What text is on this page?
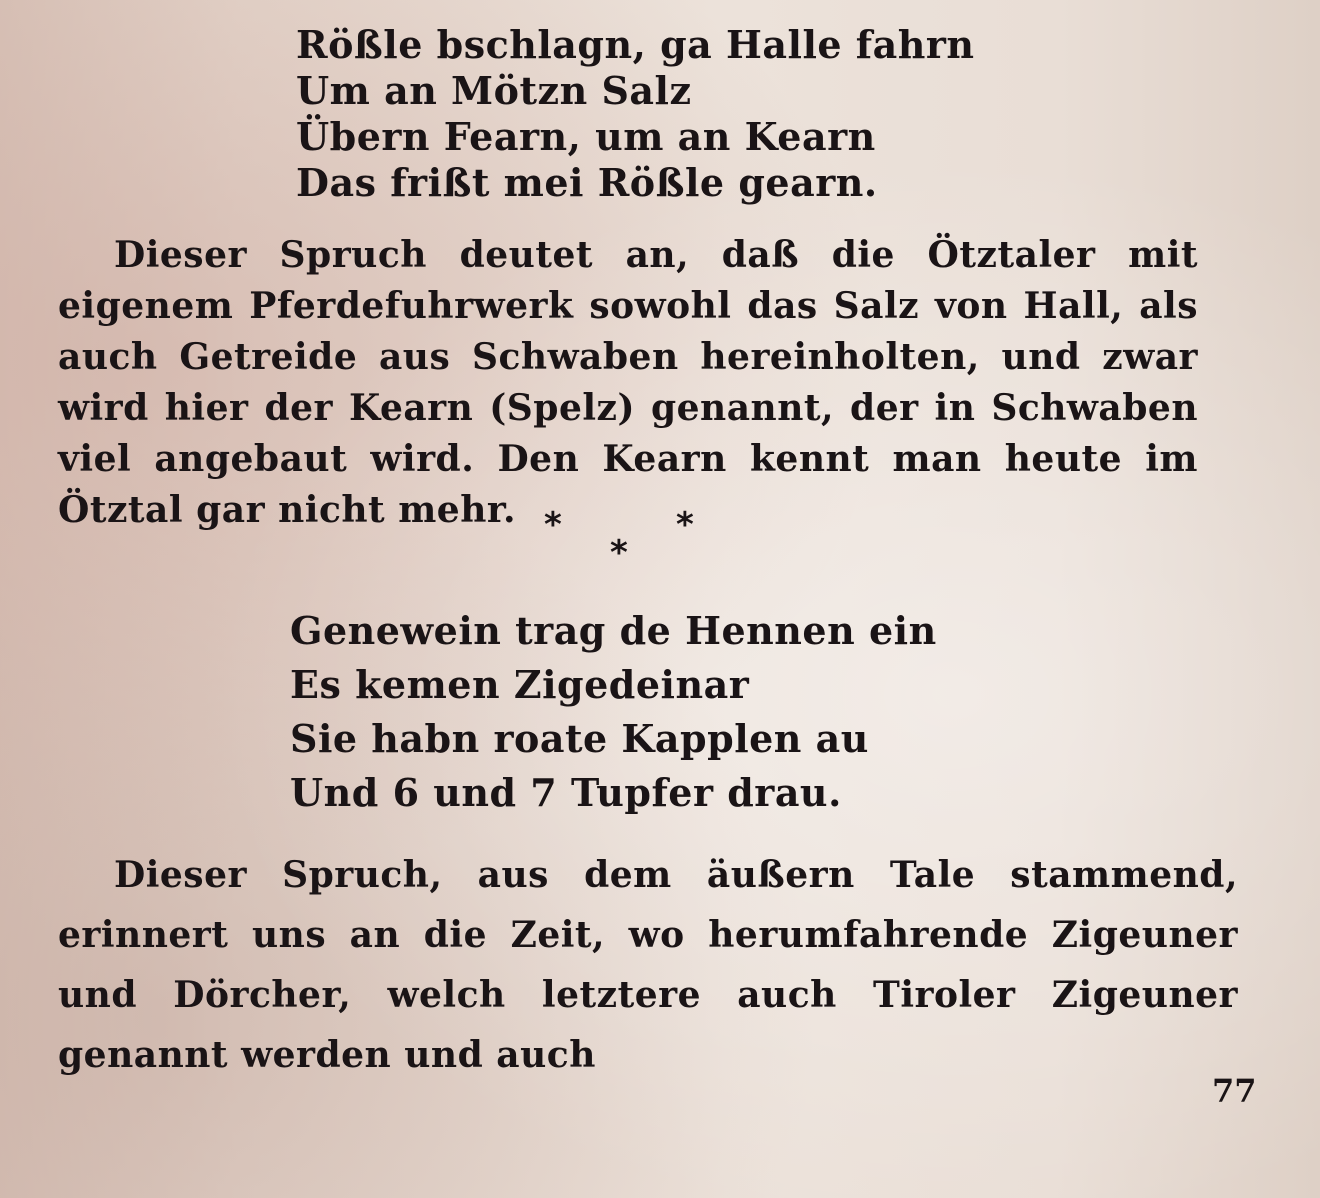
Rößle bschlagn, ga Halle fahrn
Um an Mötzn Salz
Übern Fearn, um an Kearn
Das frißt mei Rößle gearn.

Dieser Spruch deutet an, daß die Ötztaler mit eigenem Pferdefuhrwerk sowohl das Salz von Hall, als auch Getreide aus Schwaben hereinholten, und zwar wird hier der Kearn (Spelz) genannt, der in Schwaben viel angebaut wird. Den Kearn kennt man heute im Ötztal gar nicht mehr. *	*
*
Genewein trag de Hennen ein
Es kemen Zigedeinar
Sie habn roate Kapplen au
Und 6 und 7 Tupfer drau.

Dieser Spruch, aus dem äußern Tale stammend, erinnert uns an die Zeit, wo herumfahrende Zigeuner und Dörcher, welch letztere auch Tiroler Zigeuner genannt werden und auch

77
